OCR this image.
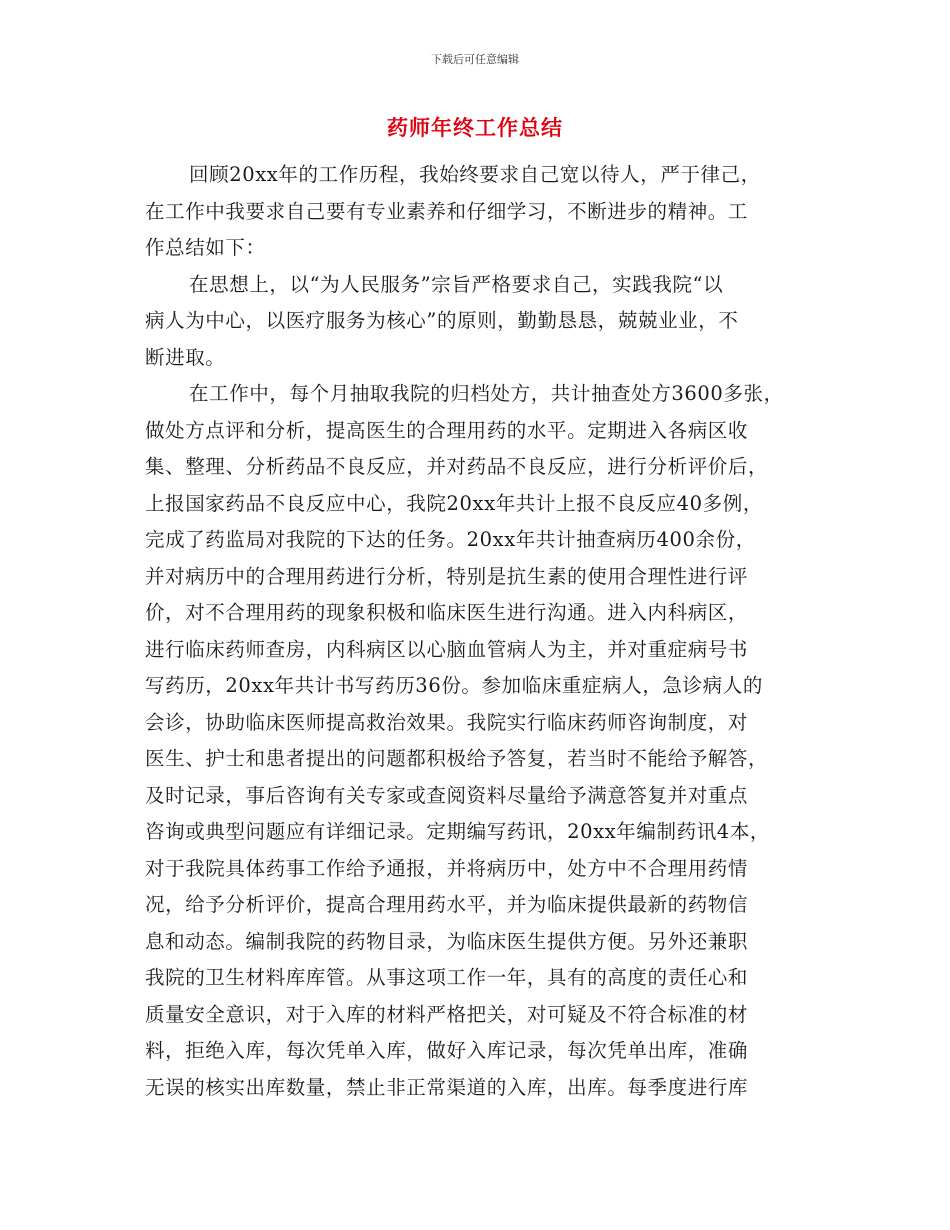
下载后可任意编辑
药师年终工作总结
回顾20xx年的工作历程，我始终要求自己宽以待人，严于律己，
在工作中我要求自己要有专业素养和仔细学习，不断进步的精神。工
作总结如下：
在思想上，以“为人民服务”宗旨严格要求自己，实践我院“以
病人为中心，以医疗服务为核心”的原则，勤勤恳恳，兢兢业业，不
断进取。
在工作中，每个月抽取我院的归档处方，共计抽查处方3600多张，
做处方点评和分析，提高医生的合理用药的水平。定期进入各病区收
集、整理、分析药品不良反应，并对药品不良反应，进行分析评价后，
上报国家药品不良反应中心，我院20xx年共计上报不良反应40多例，
完成了药监局对我院的下达的任务。20xx年共计抽查病历400余份，
并对病历中的合理用药进行分析，特别是抗生素的使用合理性进行评
价，对不合理用药的现象积极和临床医生进行沟通。进入内科病区，
进行临床药师查房，内科病区以心脑血管病人为主，并对重症病号书
写药历，20xx年共计书写药历36份。参加临床重症病人，急诊病人的
会诊，协助临床医师提高救治效果。我院实行临床药师咨询制度，对
医生、护士和患者提出的问题都积极给予答复，若当时不能给予解答，
及时记录，事后咨询有关专家或查阅资料尽量给予满意答复并对重点
咨询或典型问题应有详细记录。定期编写药讯，20xx年编制药讯4本，
对于我院具体药事工作给予通报，并将病历中，处方中不合理用药情
况，给予分析评价，提高合理用药水平，并为临床提供最新的药物信
息和动态。编制我院的药物目录，为临床医生提供方便。另外还兼职
我院的卫生材料库库管。从事这项工作一年，具有的高度的责任心和
质量安全意识，对于入库的材料严格把关，对可疑及不符合标准的材
料，拒绝入库，每次凭单入库，做好入库记录，每次凭单出库，准确
无误的核实出库数量，禁止非正常渠道的入库，出库。每季度进行库
